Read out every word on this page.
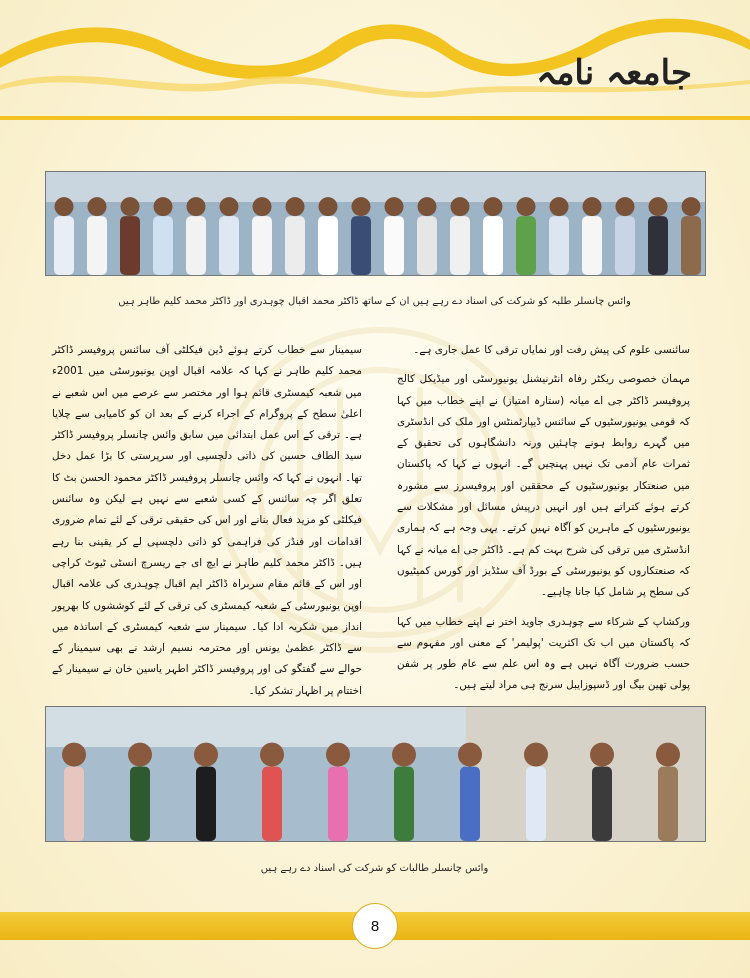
جامعہ نامہ
وائس چانسلر طلبہ کو شرکت کی اسناد دے رہے ہیں ان کے ساتھ ڈاکٹر محمد اقبال چوہدری اور ڈاکٹر محمد کلیم طاہر ہیں

سائنسی علوم کی پیش رفت اور نمایاں ترقی کا عمل جاری ہے۔

مہمان خصوصی ریکٹر رفاہ انٹرنیشنل یونیورسٹی اور میڈیکل کالج پروفیسر ڈاکٹر جی اے میانہ (ستارہ امتیاز) نے اپنے خطاب میں کہا کہ قومی یونیورسٹیوں کے سائنس ڈیپارٹمنٹس اور ملک کی انڈسٹری میں گہرے روابط ہونے چاہئیں ورنہ دانشگاہوں کی تحقیق کے ثمرات عام آدمی تک نہیں پہنچیں گے۔ انہوں نے کہا کہ پاکستان میں صنعتکار یونیورسٹیوں کے محققین اور پروفیسرز سے مشورہ کرتے ہوئے کتراتے ہیں اور انہیں درپیش مسائل اور مشکلات سے یونیورسٹیوں کے ماہرین کو آگاہ نہیں کرتے۔ یہی وجہ ہے کہ ہماری انڈسٹری میں ترقی کی شرح بہت کم ہے۔ ڈاکٹر جی اے میانہ نے کہا کہ صنعتکاروں کو یونیورسٹی کے بورڈ آف سٹڈیز اور کورس کمیٹیوں کی سطح پر شامل کیا جانا چاہیے۔

ورکشاپ کے شرکاء سے چوہدری جاوید اختر نے اپنے خطاب میں کہا کہ پاکستان میں اب تک اکثریت 'پولیمر' کے معنی اور مفہوم سے حسب ضرورت آگاہ نہیں ہے وہ اس علم سے عام طور پر شفن پولی تھین بیگ اور ڈسپوزایبل سرنج ہی مراد لیتے ہیں۔

سیمینار سے خطاب کرتے ہوئے ڈین فیکلٹی آف سائنس پروفیسر ڈاکٹر محمد کلیم طاہر نے کہا کہ علامہ اقبال اوپن یونیورسٹی میں 2001ء میں شعبہ کیمسٹری قائم ہوا اور مختصر سے عرصے میں اس شعبے نے اعلیٰ سطح کے پروگرام کے اجراء کرنے کے بعد ان کو کامیابی سے چلایا ہے۔ ترقی کے اس عمل ابتدائی میں سابق وائس چانسلر پروفیسر ڈاکٹر سید الطاف حسین کی ذاتی دلچسپی اور سرپرستی کا بڑا عمل دخل تھا۔ انہوں نے کہا کہ وائس چانسلر پروفیسر ڈاکٹر محمود الحسن بٹ کا تعلق اگر چہ سائنس کے کسی شعبے سے نہیں ہے لیکن وہ سائنس فیکلٹی کو مزید فعال بنانے اور اس کی حقیقی ترقی کے لئے تمام ضروری اقدامات اور فنڈز کی فراہمی کو ذاتی دلچسپی لے کر یقینی بنا رہے ہیں۔ ڈاکٹر محمد کلیم طاہر نے ایچ ای جے ریسرچ انسٹی ٹیوٹ کراچی اور اس کے قائم مقام سربراہ ڈاکٹر ایم اقبال چوہدری کی علامہ اقبال اوپن یونیورسٹی کے شعبہ کیمسٹری کی ترقی کے لئے کوششوں کا بھرپور انداز میں شکریہ ادا کیا۔ سیمینار سے شعبہ کیمسٹری کے اساتذہ میں سے ڈاکٹر عظمیٰ یونس اور محترمہ نسیم ارشد نے بھی سیمینار کے حوالے سے گفتگو کی اور پروفیسر ڈاکٹر اطہر یاسین خان نے سیمینار کے اختتام پر اظہار تشکر کیا۔

وائس چانسلر طالبات کو شرکت کی اسناد دے رہے ہیں
8
